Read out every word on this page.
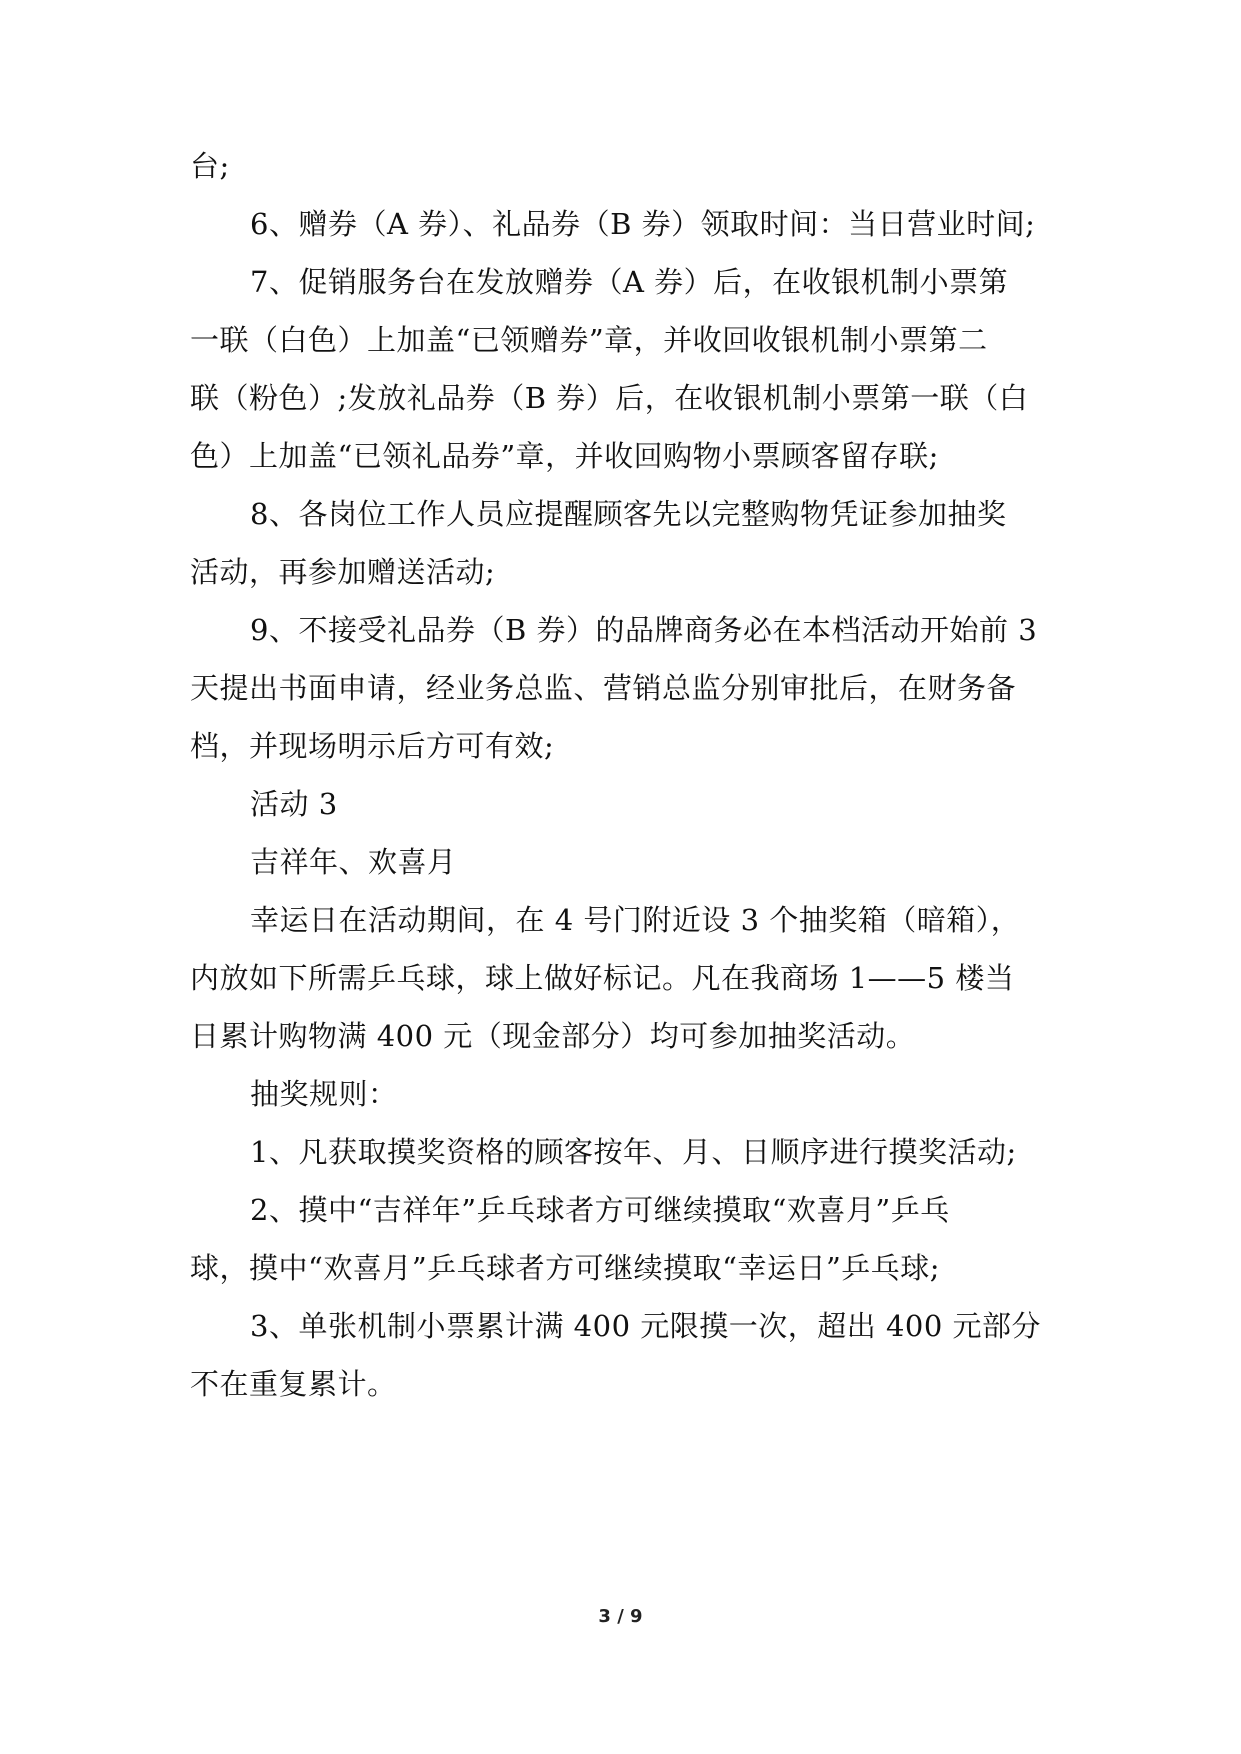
台;
6、赠券（A 券）、礼品券（B 券）领取时间：当日营业时间;
7、促销服务台在发放赠券（A 券）后，在收银机制小票第
一联（白色）上加盖“已领赠券”章，并收回收银机制小票第二
联（粉色）;发放礼品券（B 券）后，在收银机制小票第一联（白
色）上加盖“已领礼品券”章，并收回购物小票顾客留存联;
8、各岗位工作人员应提醒顾客先以完整购物凭证参加抽奖
活动，再参加赠送活动;
9、不接受礼品券（B 券）的品牌商务必在本档活动开始前 3
天提出书面申请，经业务总监、营销总监分别审批后，在财务备
档，并现场明示后方可有效;
活动 3
吉祥年、欢喜月
幸运日在活动期间，在 4 号门附近设 3 个抽奖箱（暗箱），
内放如下所需乒乓球，球上做好标记。凡在我商场 1——5 楼当
日累计购物满 400 元（现金部分）均可参加抽奖活动。
抽奖规则：
1、凡获取摸奖资格的顾客按年、月、日顺序进行摸奖活动;
2、摸中“吉祥年”乒乓球者方可继续摸取“欢喜月”乒乓
球，摸中“欢喜月”乒乓球者方可继续摸取“幸运日”乒乓球;
3、单张机制小票累计满 400 元限摸一次，超出 400 元部分
不在重复累计。
3 / 9
